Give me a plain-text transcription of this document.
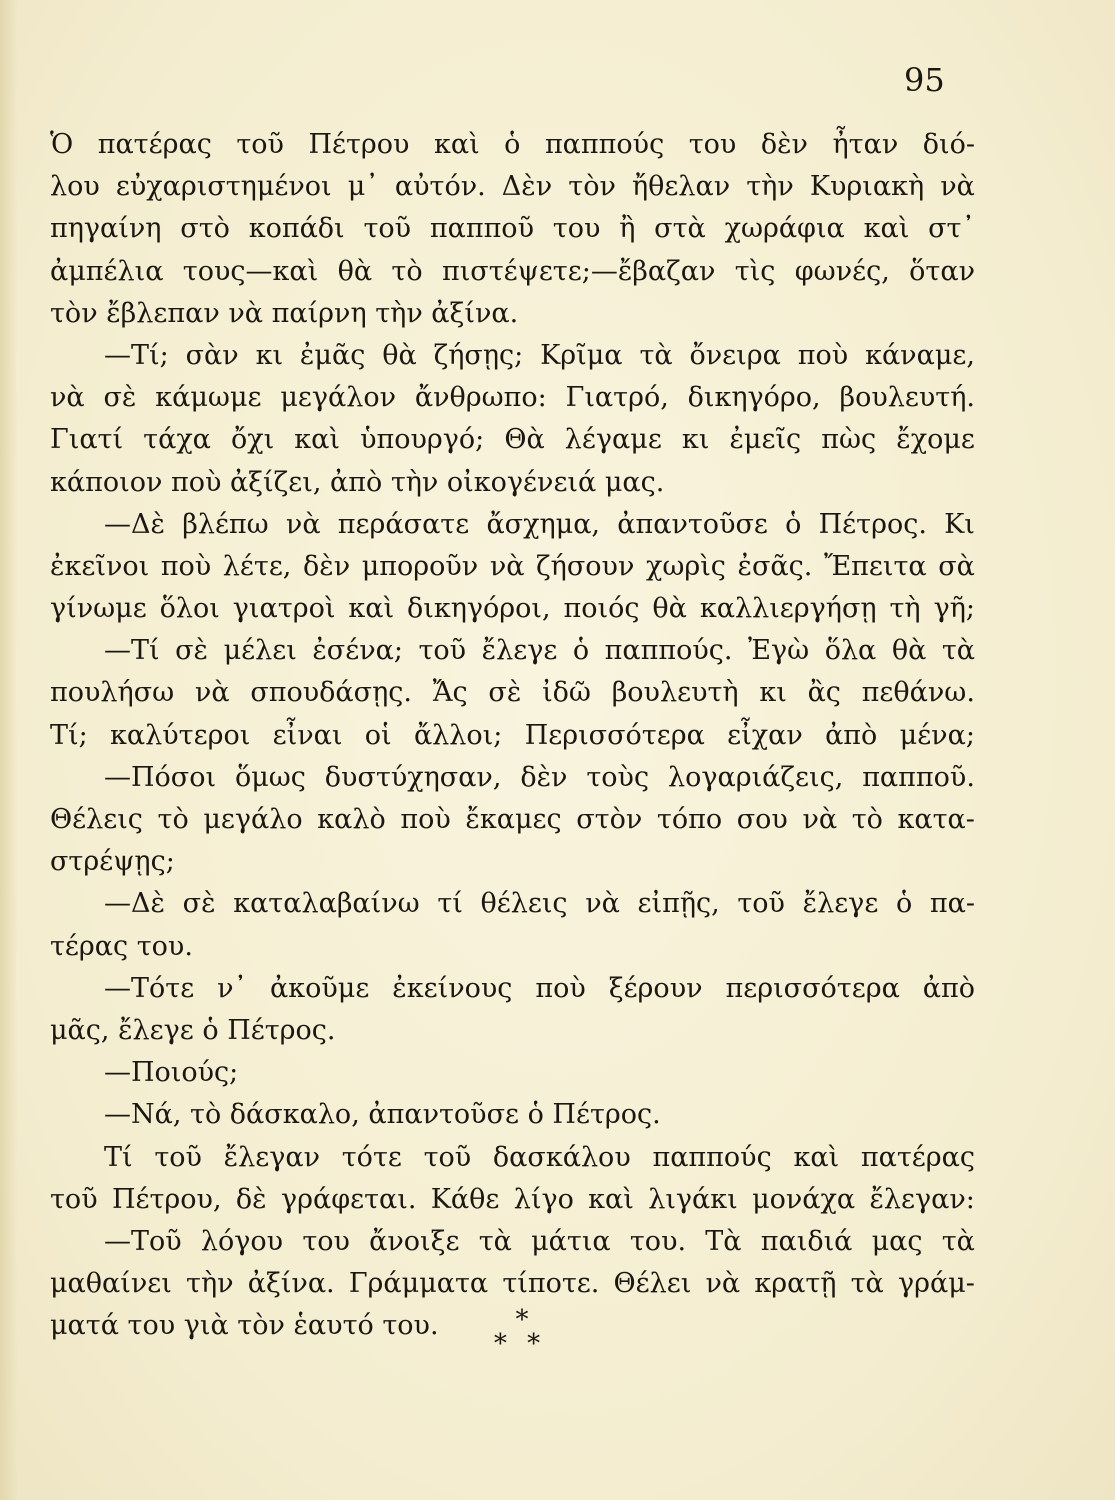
95
Ὁ πατέρας τοῦ Πέτρου καὶ ὁ παππούς του δὲν ἦταν διό-
λου εὐχαριστημένοι μ᾽ αὐτόν. Δὲν τὸν ἤθελαν τὴν Κυριακὴ νὰ
πηγαίνη στὸ κοπάδι τοῦ παπποῦ του ἢ στὰ χωράφια καὶ στ᾽
ἀμπέλια τους—καὶ θὰ τὸ πιστέψετε;—ἔβαζαν τὶς φωνές, ὅταν
τὸν ἔβλεπαν νὰ παίρνη τὴν ἀξίνα.
—Τί; σὰν κι ἐμᾶς θὰ ζήσῃς; Κρῖμα τὰ ὄνειρα ποὺ κάναμε,
νὰ σὲ κάμωμε μεγάλον ἄνθρωπο: Γιατρό, δικηγόρο, βουλευτή.
Γιατί τάχα ὄχι καὶ ὑπουργό; Θὰ λέγαμε κι ἐμεῖς πὼς ἔχομε
κάποιον ποὺ ἀξίζει, ἀπὸ τὴν οἰκογένειά μας.
—Δὲ βλέπω νὰ περάσατε ἄσχημα, ἀπαντοῦσε ὁ Πέτρος. Κι
ἐκεῖνοι ποὺ λέτε, δὲν μποροῦν νὰ ζήσουν χωρὶς ἐσᾶς. Ἔπειτα σὰ
γίνωμε ὅλοι γιατροὶ καὶ δικηγόροι, ποιός θὰ καλλιεργήσῃ τὴ γῆ;
—Τί σὲ μέλει ἐσένα; τοῦ ἔλεγε ὁ παππούς. Ἐγὼ ὅλα θὰ τὰ
πουλήσω νὰ σπουδάσῃς. Ἄς σὲ ἰδῶ βουλευτὴ κι ἂς πεθάνω.
Τί; καλύτεροι εἶναι οἱ ἄλλοι; Περισσότερα εἶχαν ἀπὸ μένα;
—Πόσοι ὅμως δυστύχησαν, δὲν τοὺς λογαριάζεις, παπποῦ.
Θέλεις τὸ μεγάλο καλὸ ποὺ ἔκαμες στὸν τόπο σου νὰ τὸ κατα-
στρέψῃς;
—Δὲ σὲ καταλαβαίνω τί θέλεις νὰ εἰπῇς, τοῦ ἔλεγε ὁ πα-
τέρας του.
—Τότε ν᾽ ἀκοῦμε ἐκείνους ποὺ ξέρουν περισσότερα ἀπὸ
μᾶς, ἔλεγε ὁ Πέτρος.
—Ποιούς;
—Νά, τὸ δάσκαλο, ἀπαντοῦσε ὁ Πέτρος.
Τί τοῦ ἔλεγαν τότε τοῦ δασκάλου παππούς καὶ πατέρας
τοῦ Πέτρου, δὲ γράφεται. Κάθε λίγο καὶ λιγάκι μονάχα ἔλεγαν:
—Τοῦ λόγου του ἄνοιξε τὰ μάτια του. Τὰ παιδιά μας τὰ
μαθαίνει τὴν ἀξίνα. Γράμματα τίποτε. Θέλει νὰ κρατῇ τὰ γράμ-
ματά του γιὰ τὸν ἑαυτό του.	*
* *
